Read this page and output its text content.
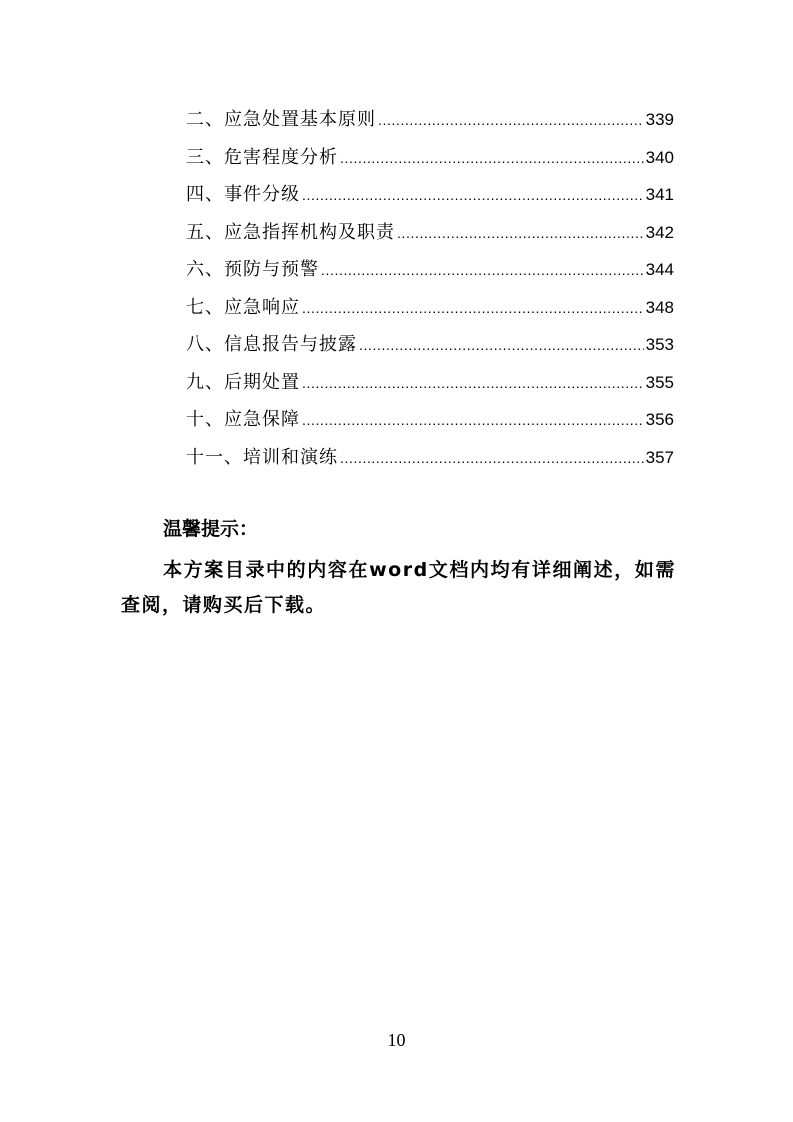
二、应急处置基本原则 .....	339
三、危害程度分析 .....	340
四、事件分级 .....	341
五、应急指挥机构及职责 .....	342
六、预防与预警 .....	344
七、应急响应 .....	348
八、信息报告与披露 .....	353
九、后期处置 .....	355
十、应急保障 .....	356
十一、培训和演练 .....	357
温馨提示：
本方案目录中的内容在word文档内均有详细阐述，如需查阅，请购买后下载。
10
